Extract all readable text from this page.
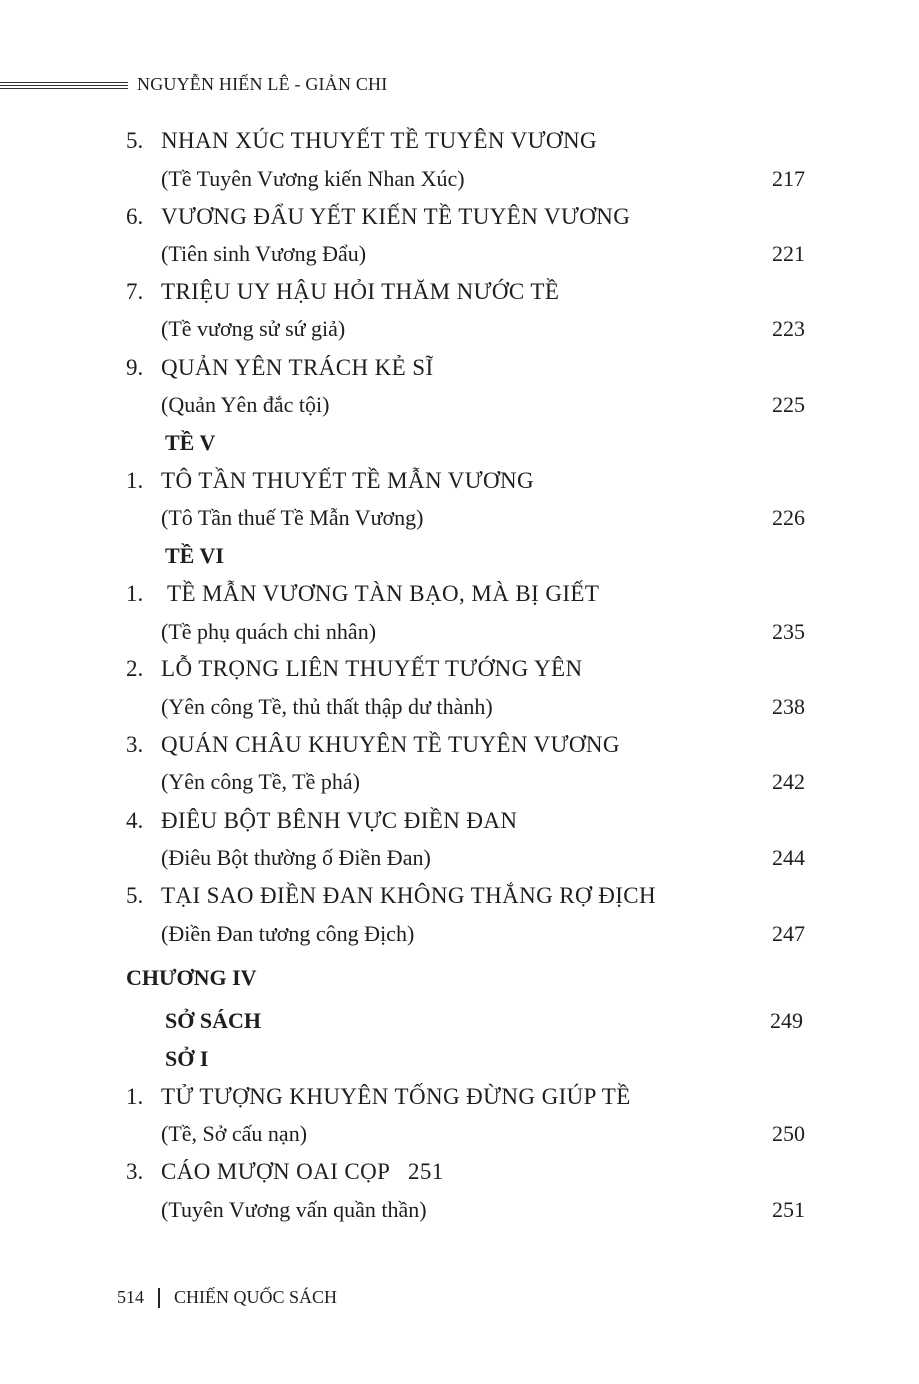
NGUYỄN HIẾN LÊ - GIẢN CHI
5. NHAN XÚC THUYẾT TỀ TUYÊN VƯƠNG
(Tề Tuyên Vương kiến Nhan Xúc)	217
6. VƯƠNG ĐẨU YẾT KIẾN TỀ TUYÊN VƯƠNG
(Tiên sinh Vương Đẩu)	221
7. TRIỆU UY HẬU HỎI THĂM NƯỚC TỀ
(Tề vương sử sứ giả)	223
9. QUẢN YÊN TRÁCH KẺ SĨ
(Quản Yên đắc tội)	225
TỀ V
1. TÔ TẦN THUYẾT TỀ MẪN VƯƠNG
(Tô Tần thuế Tề Mẫn Vương)	226
TỀ VI
1. TỀ MẪN VƯƠNG TÀN BẠO, MÀ BỊ GIẾT
(Tề phụ quách chi nhân)	235
2. LỖ TRỌNG LIÊN THUYẾT TƯỚNG YÊN
(Yên công Tề, thủ thất thập dư thành)	238
3. QUÁN CHÂU KHUYÊN TỀ TUYÊN VƯƠNG
(Yên công Tề, Tề phá)	242
4. ĐIÊU BỘT BÊNH VỰC ĐIỀN ĐAN
(Điêu Bột thường ố Điền Đan)	244
5. TẠI SAO ĐIỀN ĐAN KHÔNG THẮNG RỢ ĐỊCH
(Điền Đan tương công Địch)	247
CHƯƠNG IV
SỞ SÁCH	249
SỞ I
1. TỬ TƯỢNG KHUYÊN TỐNG ĐỪNG GIÚP TỀ
(Tề, Sở cấu nạn)	250
3. CÁO MƯỢN OAI CỌP   251
(Tuyên Vương vấn quần thần)	251
514 CHIẾN QUỐC SÁCH
